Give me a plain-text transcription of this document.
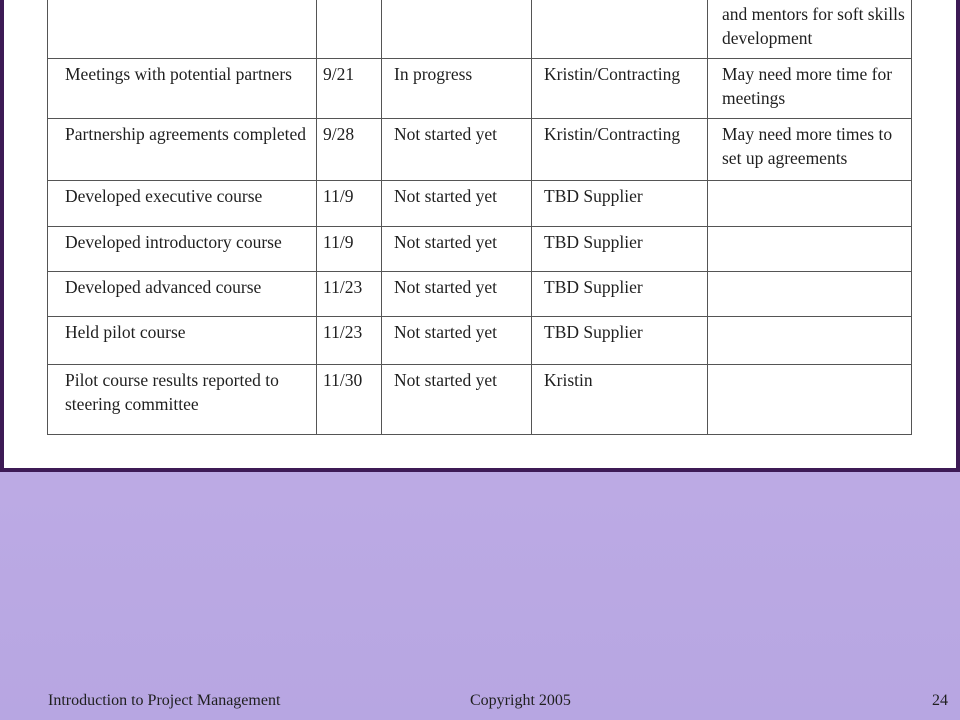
				and mentors for soft skills development
Meetings with potential partners	9/21	In progress	Kristin/Contracting	May need more time for meetings
Partnership agreements completed	9/28	Not started yet	Kristin/Contracting	May need more times to set up agreements
Developed executive course	11/9	Not started yet	TBD Supplier	
Developed introductory course	11/9	Not started yet	TBD Supplier	
Developed advanced course	11/23	Not started yet	TBD Supplier	
Held pilot course	11/23	Not started yet	TBD Supplier	
Pilot course results reported to steering committee	11/30	Not started yet	Kristin	
Introduction to Project Management	Copyright 2005	24
